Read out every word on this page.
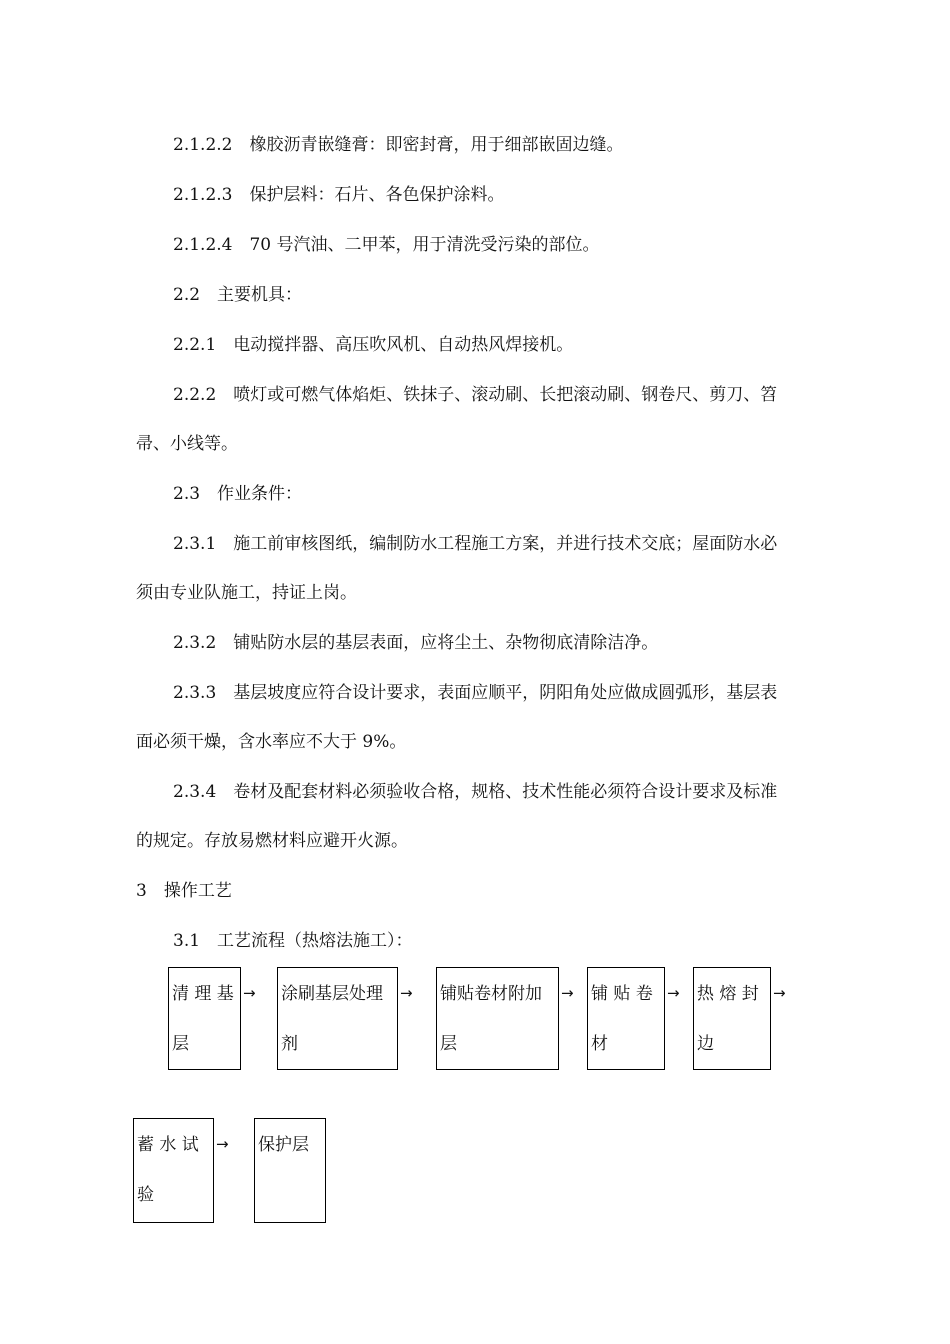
2.1.2.2　橡胶沥青嵌缝膏：即密封膏，用于细部嵌固边缝。
2.1.2.3　保护层料：石片、各色保护涂料。
2.1.2.4　70 号汽油、二甲苯，用于清洗受污染的部位。
2.2　主要机具：
2.2.1　电动搅拌器、高压吹风机、自动热风焊接机。
2.2.2　喷灯或可燃气体焰炬、铁抹子、滚动刷、长把滚动刷、钢卷尺、剪刀、笤
帚、小线等。
2.3　作业条件：
2.3.1　施工前审核图纸，编制防水工程施工方案，并进行技术交底；屋面防水必
须由专业队施工，持证上岗。
2.3.2　铺贴防水层的基层表面，应将尘土、杂物彻底清除洁净。
2.3.3　基层坡度应符合设计要求，表面应顺平，阴阳角处应做成圆弧形，基层表
面必须干燥，含水率应不大于 9%。
2.3.4　卷材及配套材料必须验收合格，规格、技术性能必须符合设计要求及标准
的规定。存放易燃材料应避开火源。
3　操作工艺
3.1　工艺流程（热熔法施工）：
清 理 基
层
→ 涂刷基层处理
剂
→ 铺贴卷材附加
层
→ 铺 贴 卷
材
→ 热 熔 封
边
→
蓄 水 试
验
→ 保护层
